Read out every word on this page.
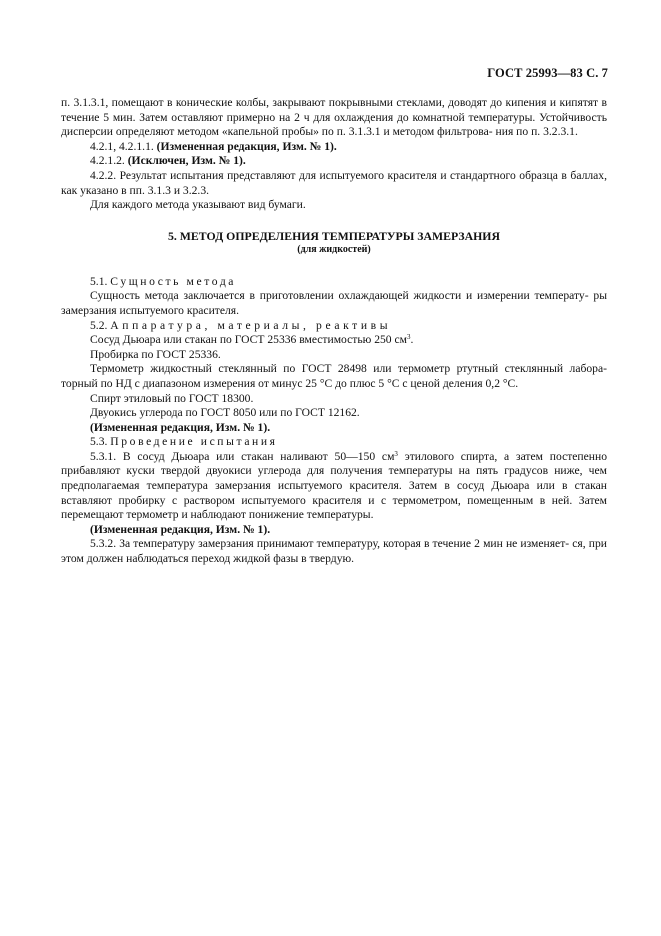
ГОСТ 25993—83 С. 7

п. 3.1.3.1, помещают в конические колбы, закрывают покрывными стеклами, доводят до кипения и кипятят в течение 5 мин. Затем оставляют примерно на 2 ч для охлаждения до комнатной температуры. Устойчивость дисперсии определяют методом «капельной пробы» по п. 3.1.3.1 и методом фильтрова- ния по п. 3.2.3.1.

4.2.1, 4.2.1.1. (Измененная редакция, Изм. № 1).

4.2.1.2. (Исключен, Изм. № 1).

4.2.2. Результат испытания представляют для испытуемого красителя и стандартного образца в баллах, как указано в пп. 3.1.3 и 3.2.3.

Для каждого метода указывают вид бумаги.

5. МЕТОД ОПРЕДЕЛЕНИЯ ТЕМПЕРАТУРЫ ЗАМЕРЗАНИЯ

(для жидкостей)

5.1. Сущность метода

Сущность метода заключается в приготовлении охлаждающей жидкости и измерении температу- ры замерзания испытуемого красителя.

5.2. Аппаратура, материалы, реактивы

Сосуд Дьюара или стакан по ГОСТ 25336 вместимостью 250 $см^3$.

Пробирка по ГОСТ 25336.

Термометр жидкостный стеклянный по ГОСТ 28498 или термометр ртутный стеклянный лабора- торный по НД с диапазоном измерения от минус 25 °С до плюс 5 °С с ценой деления 0,2 °С.

Спирт этиловый по ГОСТ 18300.

Двуокись углерода по ГОСТ 8050 или по ГОСТ 12162.

(Измененная редакция, Изм. № 1).

5.3. Проведение испытания

5.3.1. В сосуд Дьюара или стакан наливают 50—150 $см^3$ этилового спирта, а затем постепенно прибавляют куски твердой двуокиси углерода для получения температуры на пять градусов ниже, чем предполагаемая температура замерзания испытуемого красителя. Затем в сосуд Дьюара или в стакан вставляют пробирку с раствором испытуемого красителя и с термометром, помещенным в ней. Затем перемещают термометр и наблюдают понижение температуры.

(Измененная редакция, Изм. № 1).

5.3.2. За температуру замерзания принимают температуру, которая в течение 2 мин не изменяет- ся, при этом должен наблюдаться переход жидкой фазы в твердую.
